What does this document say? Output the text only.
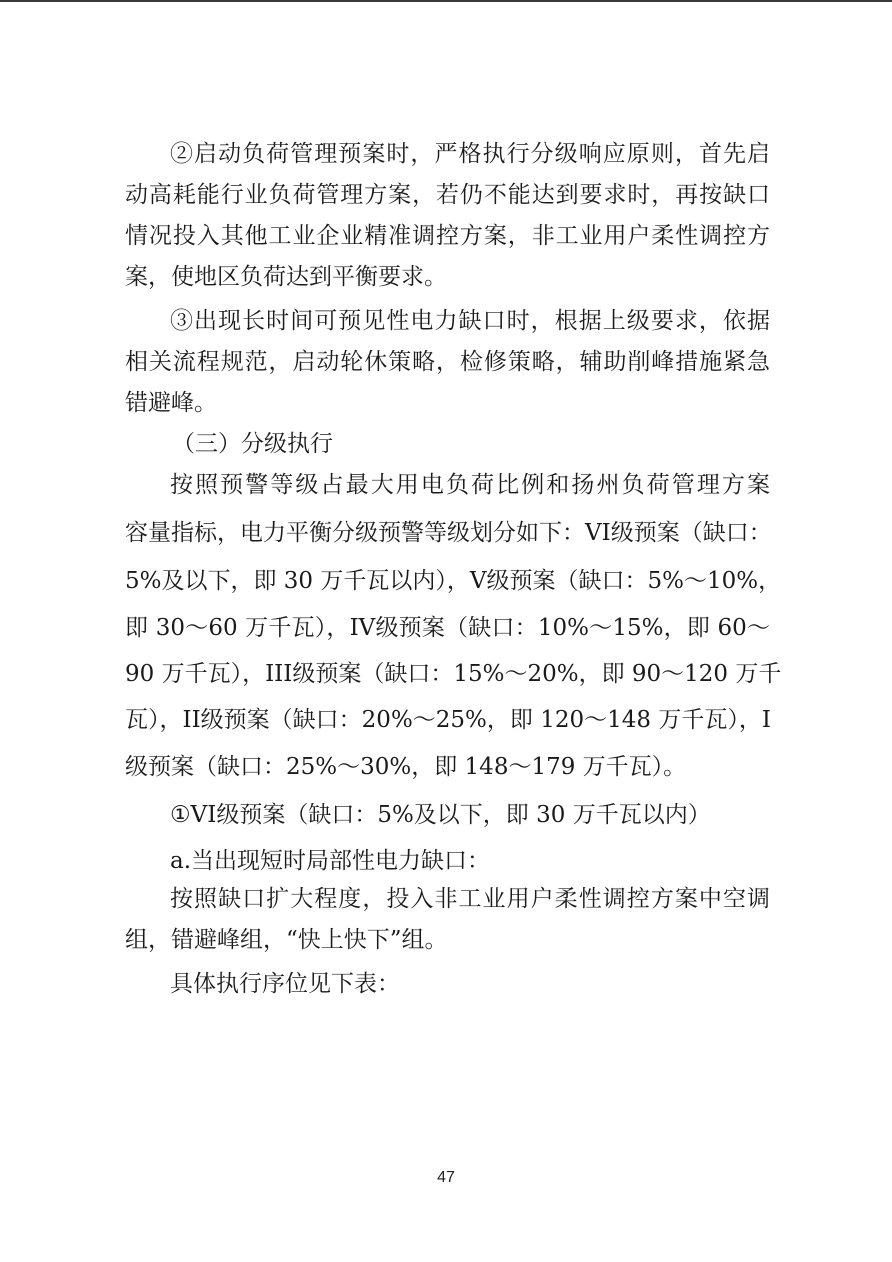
②启动负荷管理预案时，严格执行分级响应原则，首先启
动高耗能行业负荷管理方案，若仍不能达到要求时，再按缺口
情况投入其他工业企业精准调控方案，非工业用户柔性调控方
案，使地区负荷达到平衡要求。
③出现长时间可预见性电力缺口时，根据上级要求，依据
相关流程规范，启动轮休策略，检修策略，辅助削峰措施紧急
错避峰。
（三）分级执行
按照预警等级占最大用电负荷比例和扬州负荷管理方案
容量指标，电力平衡分级预警等级划分如下：VI级预案（缺口：
5%及以下，即 30 万千瓦以内），V级预案（缺口：5%～10%，
即 30～60 万千瓦），IV级预案（缺口：10%～15%，即 60～
90 万千瓦），III级预案（缺口：15%～20%，即 90～120 万千
瓦），II级预案（缺口：20%～25%，即 120～148 万千瓦），I
级预案（缺口：25%～30%，即 148～179 万千瓦）。
①VI级预案（缺口：5%及以下，即 30 万千瓦以内）
a.当出现短时局部性电力缺口：
按照缺口扩大程度，投入非工业用户柔性调控方案中空调
组，错避峰组，“快上快下”组。
具体执行序位见下表：
47
